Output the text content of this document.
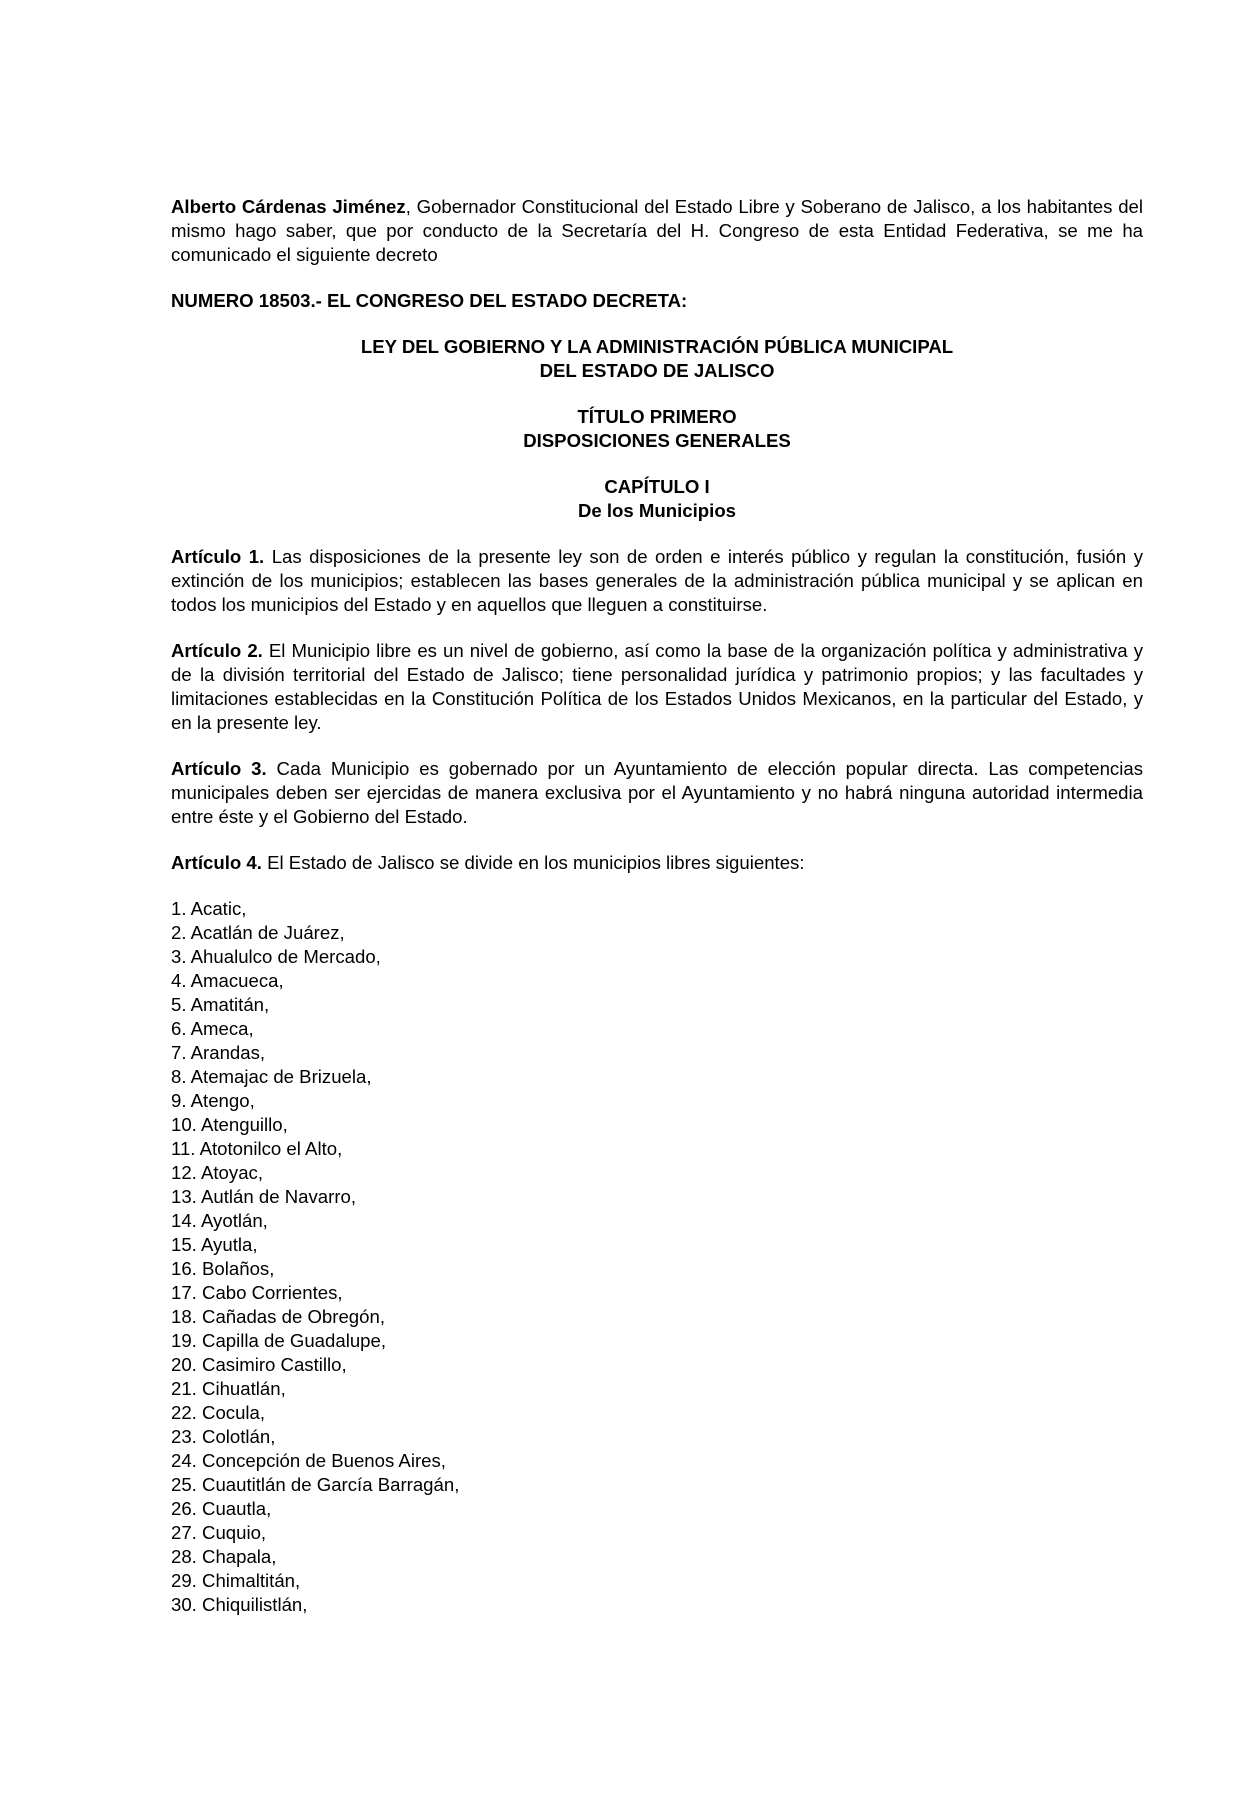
Alberto Cárdenas Jiménez, Gobernador Constitucional del Estado Libre y Soberano de Jalisco, a los habitantes del mismo hago saber, que por conducto de la Secretaría del H. Congreso de esta Entidad Federativa, se me ha comunicado el siguiente decreto

NUMERO 18503.- EL CONGRESO DEL ESTADO DECRETA:

LEY DEL GOBIERNO Y LA ADMINISTRACIÓN PÚBLICA MUNICIPAL

DEL ESTADO DE JALISCO

TÍTULO PRIMERO

DISPOSICIONES GENERALES

CAPÍTULO I

De los Municipios

Artículo 1. Las disposiciones de la presente ley son de orden e interés público y regulan la constitución, fusión y extinción de los municipios; establecen las bases generales de la administración pública municipal y se aplican en todos los municipios del Estado y en aquellos que lleguen a constituirse.

Artículo 2. El Municipio libre es un nivel de gobierno, así como la base de la organización política y administrativa y de la división territorial del Estado de Jalisco; tiene personalidad jurídica y patrimonio propios; y las facultades y limitaciones establecidas en la Constitución Política de los Estados Unidos Mexicanos, en la particular del Estado, y en la presente ley.

Artículo 3. Cada Municipio es gobernado por un Ayuntamiento de elección popular directa. Las competencias municipales deben ser ejercidas de manera exclusiva por el Ayuntamiento y no habrá ninguna autoridad intermedia entre éste y el Gobierno del Estado.

Artículo 4. El Estado de Jalisco se divide en los municipios libres siguientes:

1. Acatic,
2. Acatlán de Juárez,
3. Ahualulco de Mercado,
4. Amacueca,
5. Amatitán,
6. Ameca,
7. Arandas,
8. Atemajac de Brizuela,
9. Atengo,
10. Atenguillo,
11. Atotonilco el Alto,
12. Atoyac,
13. Autlán de Navarro,
14. Ayotlán,
15. Ayutla,
16. Bolaños,
17. Cabo Corrientes,
18. Cañadas de Obregón,
19. Capilla de Guadalupe,
20. Casimiro Castillo,
21. Cihuatlán,
22. Cocula,
23. Colotlán,
24. Concepción de Buenos Aires,
25. Cuautitlán de García Barragán,
26. Cuautla,
27. Cuquio,
28. Chapala,
29. Chimaltitán,
30. Chiquilistlán,
